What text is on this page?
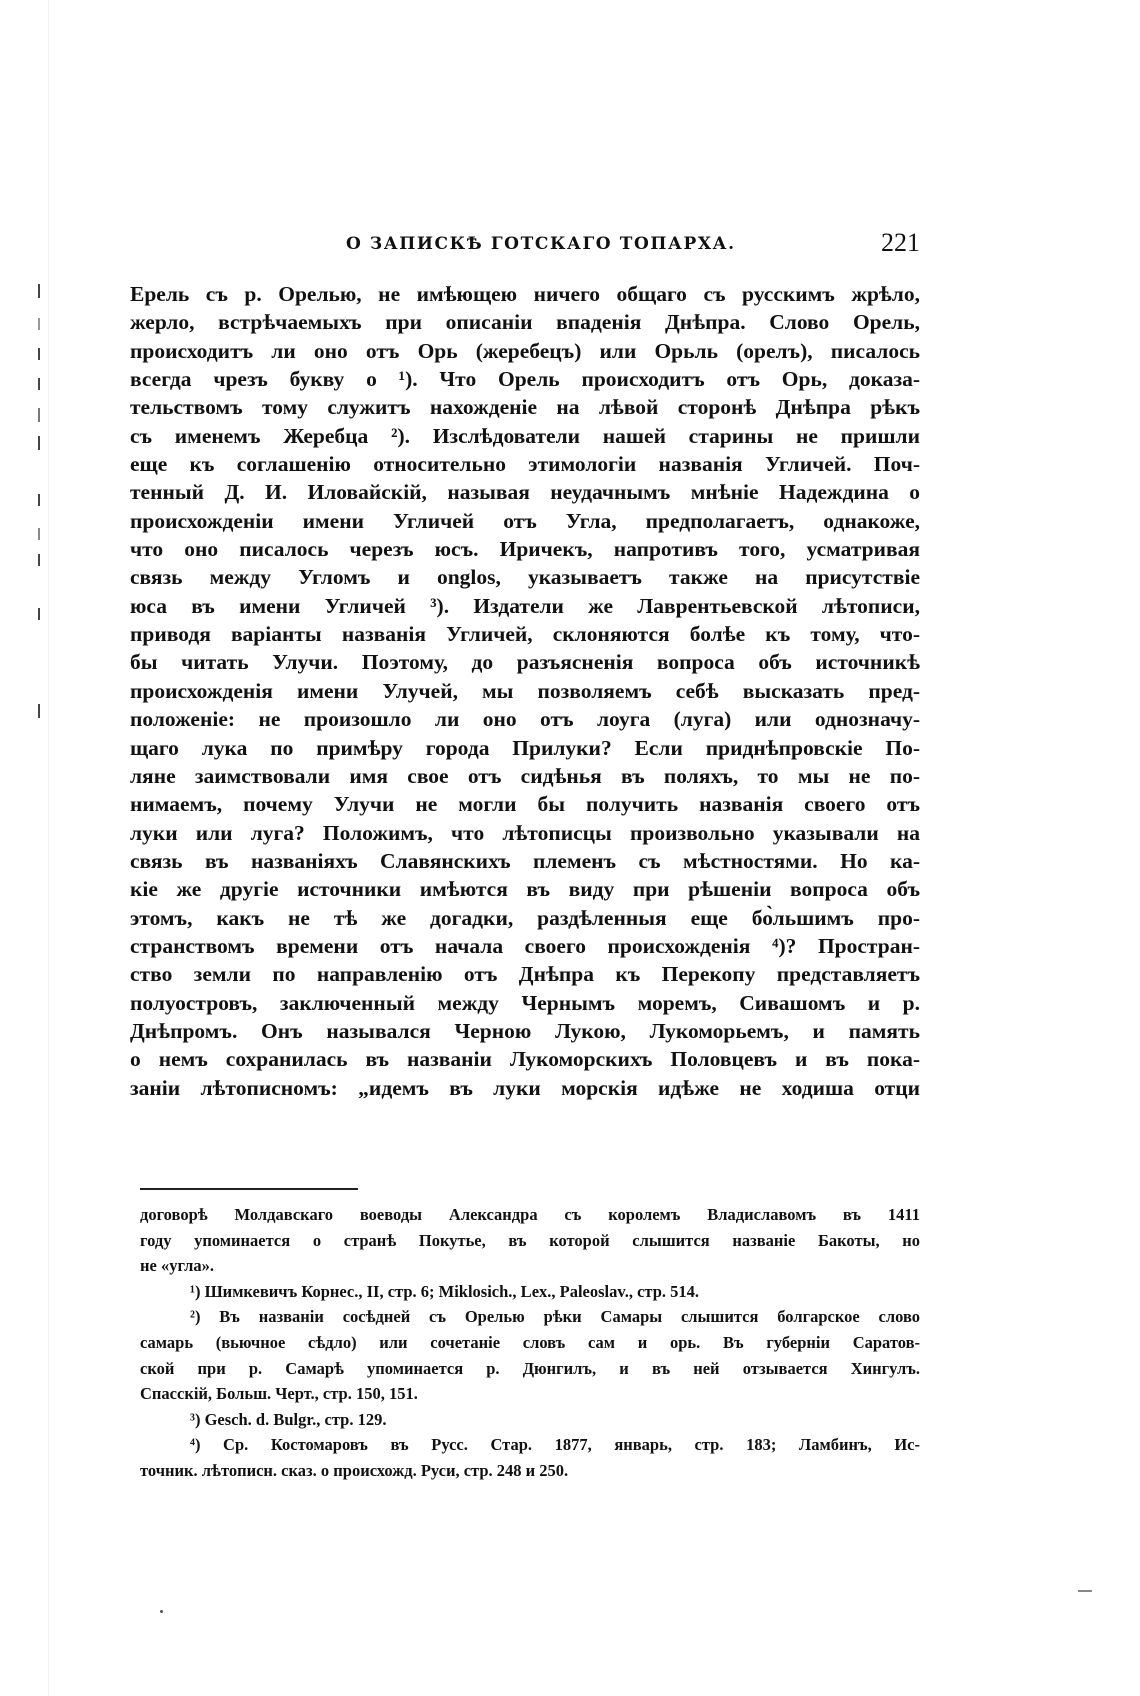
О ЗАПИСКѢ ГОТСКАГО ТОПАРХА.	221
Ерель съ р. Орелью, не имѣющею ничего общаго съ русскимъ жрѣло,
жерло, встрѣчаемыхъ при описаніи впаденія Днѣпра. Слово Орель,
происходитъ ли оно отъ Орь (жеребецъ) или Орьль (орелъ), писалось
всегда чрезъ букву о ¹). Что Орель происходитъ отъ Орь, доказа-
тельствомъ тому служитъ нахожденіе на лѣвой сторонѣ Днѣпра рѣкъ
съ именемъ Жеребца ²). Изслѣдователи нашей старины не пришли
еще къ соглашенію относительно этимологіи названія Угличей. Поч-
тенный Д. И. Иловайскій, называя неудачнымъ мнѣніе Надеждина о
происхожденіи имени Угличей отъ Угла, предполагаетъ, однакоже,
что оно писалось черезъ юсъ. Иричекъ, напротивъ того, усматривая
связь между Угломъ и onglos, указываетъ также на присутствіе
юса въ имени Угличей ³). Издатели же Лаврентьевской лѣтописи,
приводя варіанты названія Угличей, склоняются болѣе къ тому, что-
бы читать Улучи. Поэтому, до разъясненія вопроса объ источникѣ
происхожденія имени Улучей, мы позволяемъ себѣ высказать пред-
положеніе: не произошло ли оно отъ лоуга (луга) или однозначу-
щаго лука по примѣру города Прилуки? Если приднѣпровскіе По-
ляне заимствовали имя свое отъ сидѣнья въ поляхъ, то мы не по-
нимаемъ, почему Улучи не могли бы получить названія своего отъ
луки или луга? Положимъ, что лѣтописцы произвольно указывали на
связь въ названіяхъ Славянскихъ племенъ съ мѣстностями. Но ка-
кіе же другіе источники имѣются въ виду при рѣшеніи вопроса объ
этомъ, какъ не тѣ же догадки, раздѣленныя еще бо̀льшимъ про-
странствомъ времени отъ начала своего происхожденія ⁴)? Простран-
ство земли по направленію отъ Днѣпра къ Перекопу представляетъ
полуостровъ, заключенный между Чернымъ моремъ, Сивашомъ и р.
Днѣпромъ. Онъ назывался Черною Лукою, Лукоморьемъ, и память
о немъ сохранилась въ названіи Лукоморскихъ Половцевъ и въ пока-
заніи лѣтописномъ: „идемъ въ луки морскія идѣже не ходиша отци
договорѣ Молдавскаго воеводы Александра съ королемъ Владиславомъ въ 1411
году упоминается о странѣ Покутье, въ которой слышится названіе Бакоты, но
не «угла».
¹) Шимкевичъ Корнес., II, стр. 6; Miklosich., Lex., Paleoslav., стр. 514.
²) Въ названіи сосѣдней съ Орелью рѣки Самары слышится болгарское слово
самарь (вьючное сѣдло) или сочетаніе словъ сам и орь. Въ губерніи Саратов-
ской при р. Самарѣ упоминается р. Дюнгилъ, и въ ней отзывается Хингулъ.
Спасскій, Больш. Черт., стр. 150, 151.
³) Gesch. d. Bulgr., стр. 129.
⁴) Ср. Костомаровъ въ Русс. Стар. 1877, январь, стр. 183; Ламбинъ, Ис-
точник. лѣтописн. сказ. о происхожд. Руси, стр. 248 и 250.
